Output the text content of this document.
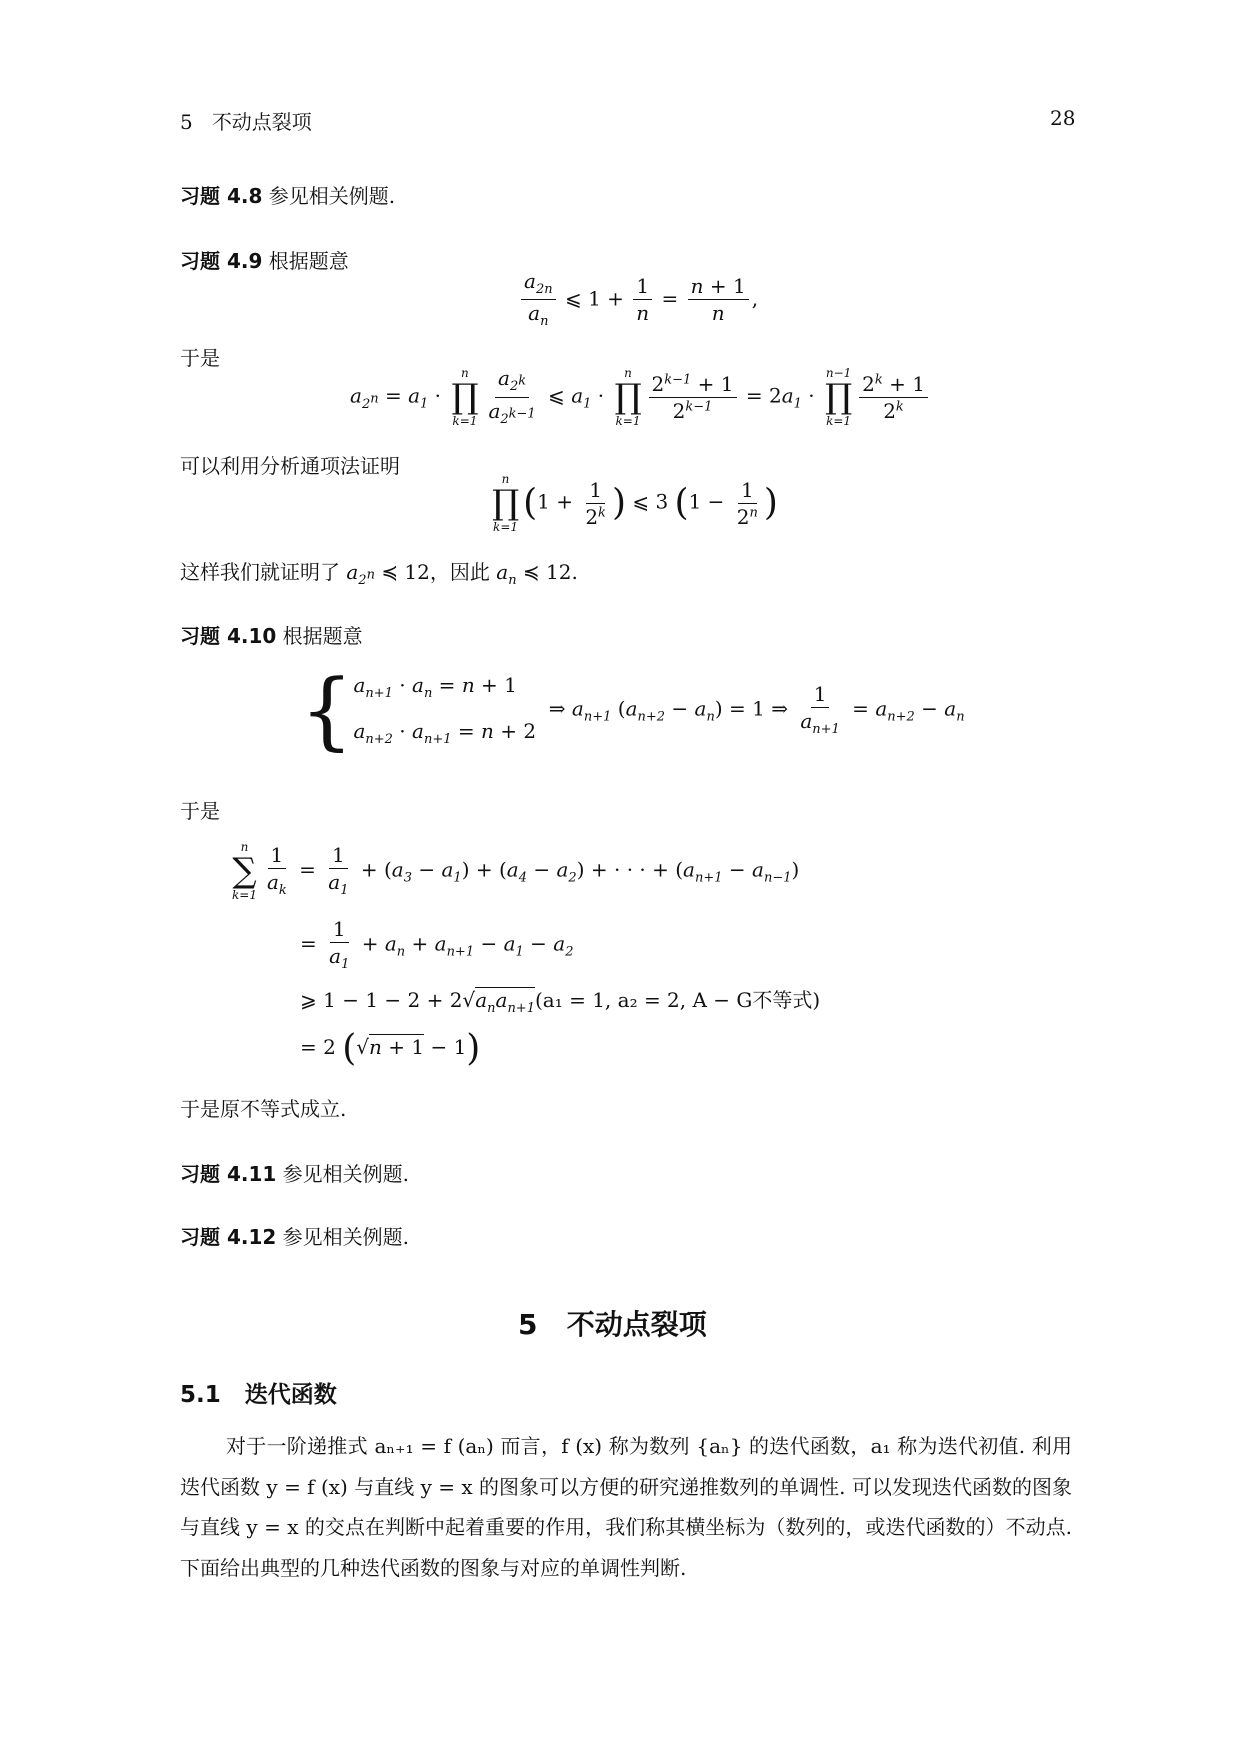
5 不动点裂项	28
习题 4.8 参见相关例题.
习题 4.9 根据题意
$\frac{a_{2n}}{a_n}$ ⩽ $1 + \frac{1}{n} = \frac{n + 1}{n}$ ,
于是
$a_{2^n} = a_1 \cdot n$
∏
$k=1 \frac{a_{2^k}}{a_{2^{k-1}}}$ ⩽ $a_1 \cdot n$
∏
$k=1 \frac{2^{k-1} + 1}{2^{k-1}} = 2a_1 \cdot n-1$
∏
$k=1 \frac{2^k + 1}{2^k}$
可以利用分析通项法证明
n
∏
$k=1(1 + \frac{1}{2^k}$ ) ⩽ 3 ($1 - \frac{1}{2^n}$ )
这样我们就证明了 $a_{2^n}$ ≼ 12，因此 $a_n$ ≼ 12.
习题 4.10 根据题意
{ $a_{n+1} \cdot a_n = n + 1$
$a_{n+2} \cdot a_{n+1} = n + 2$
⇒ $a_{n+1}$ $(a_{n+2} - a_n) = 1$ ⇒ $\frac{1}{a_{n+1}} = a_{n+2} - a_n$
于是
n
∑
$k=1 \frac{1}{a_k} = \frac{1}{a_1} + (a_3 - a_1) + (a_4 - a_2)$ + · · · + $(a_{n+1} - a_{n-1})$
= $\frac{1}{a_1} + a_n + a_{n+1} - a_1 - a_2$
⩾ $1 - 1 - 2 + 2√a_na_{n+1}(a_1 = 1$, a₂ = 2, A − G不等式)
= 2 (√n + 1 − 1)
于是原不等式成立.
习题 4.11 参见相关例题.
习题 4.12 参见相关例题.
5 不动点裂项
5.1 迭代函数
对于一阶递推式 aₙ₊₁ = f (aₙ) 而言，f (x) 称为数列 {aₙ} 的迭代函数，a₁ 称为迭代初值. 利用迭代函数 y = f (x) 与直线 y = x 的图象可以方便的研究递推数列的单调性. 可以发现迭代函数的图象与直线 y = x 的交点在判断中起着重要的作用，我们称其横坐标为（数列的，或迭代函数的）不动点. 下面给出典型的几种迭代函数的图象与对应的单调性判断.
